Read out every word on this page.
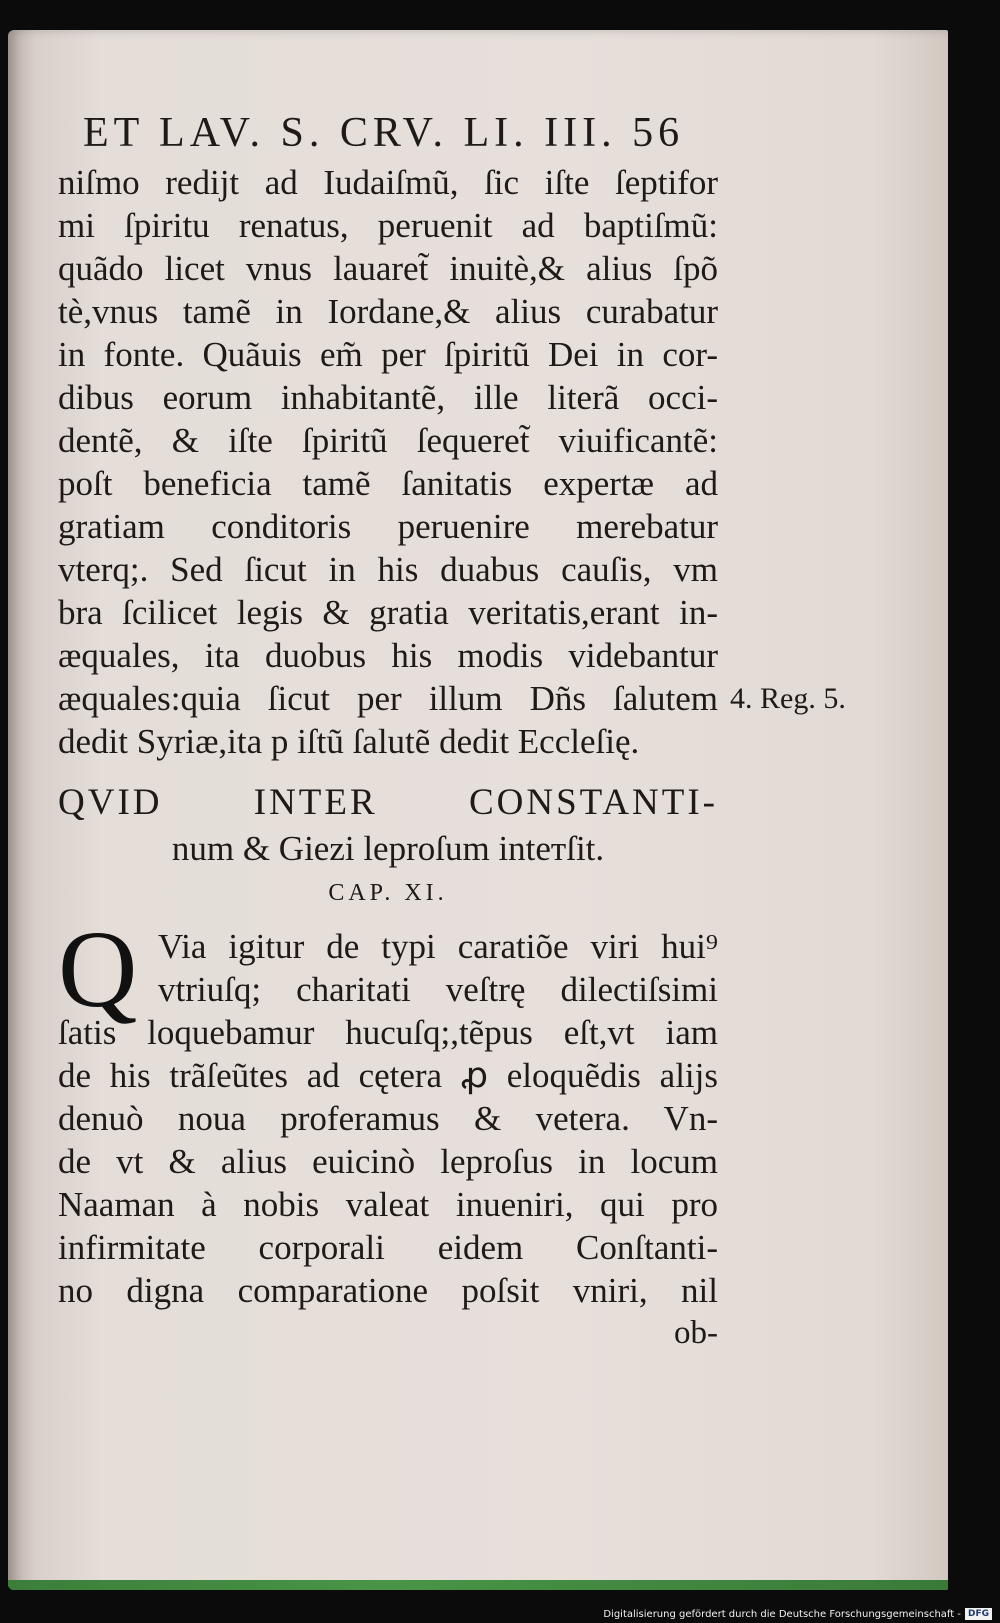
ET LAV. S. CRV. LI. III. 56
niſmo redijt ad Iudaiſmũ, ſic iſte ſeptifor
mi ſpiritu renatus, peruenit ad baptiſmũ:
quãdo licet vnus lauaret̃ inuitè,& alius ſpõ
tè,vnus tamẽ in Iordane,& alius curabatur
in fonte. Quãuis em̃ per ſpiritũ Dei in cor-
dibus eorum inhabitantẽ, ille literã occi-
dentẽ, & iſte ſpiritũ ſequeret̃ viuificantẽ:
poſt beneficia tamẽ ſanitatis expertæ ad
gratiam conditoris peruenire merebatur
vterq;. Sed ſicut in his duabus cauſis, vm
bra ſcilicet legis & gratia veritatis,erant in-
æquales, ita duobus his modis videbantur
æquales:quia ſicut per illum Dñs ſalutem
dedit Syriæ,ita p iſtũ ſalutẽ dedit Eccleſię.
QVID INTER CONSTANTI-
num & Giezi leproſum inteтſit.
CAP. XI.
Q Via igitur de typi caratiõe viri hui⁹
vtriuſq; charitati veſtrę dilectiſsimi
ſatis loquebamur hucuſq;,tẽpus eſt,vt iam
de his trãſeũtes ad cętera ꝓ eloquẽdis alijs
denuò noua proferamus & vetera. Vn-
de vt & alius euicinò leproſus in locum
Naaman à nobis valeat inueniri, qui pro
infirmitate corporali eidem Conſtanti-
no digna comparatione poſsit vniri, nil
ob-
4. Reg. 5.
Digitalisierung gefördert durch die Deutsche Forschungsgemeinschaft - DFG
